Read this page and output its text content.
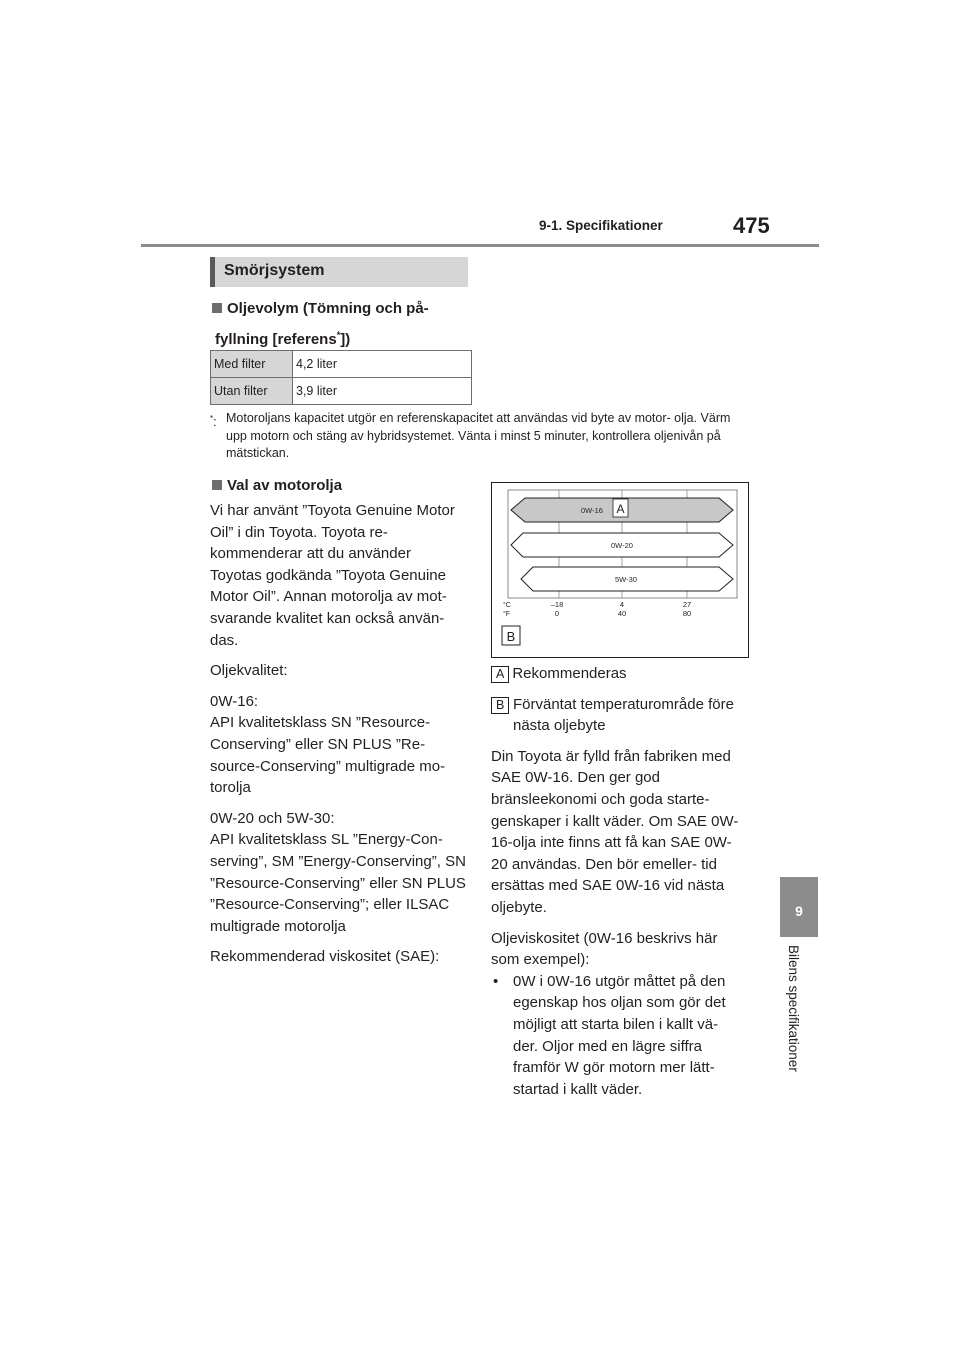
9-1. Specifikationer	475
9
Bilens specifikationer
Smörjsystem
Oljevolym (Tömning och på-
fyllning [referens*])
Med filter	4,2 liter
Utan filter	3,9 liter
*: Motoroljans kapacitet utgör en referenskapacitet att användas vid byte av motor- olja. Värm upp motorn och stäng av hybridsystemet. Vänta i minst 5 minuter, kontrollera oljenivån på mätstickan.
Val av motorolja

Vi har använt ”Toyota Genuine Motor Oil” i din Toyota. Toyota re- kommenderar att du använder Toyotas godkända ”Toyota Genuine Motor Oil”. Annan motorolja av mot- svarande kvalitet kan också använ- das.

Oljekvalitet:

0W-16:
API kvalitetsklass SN ”Resource- Conserving” eller SN PLUS ”Re- source-Conserving” multigrade mo- torolja

0W-20 och 5W-30:
API kvalitetsklass SL ”Energy-Con- serving”, SM ”Energy-Conserving”, SN ”Resource-Conserving” eller SN PLUS ”Resource-Conserving”; eller ILSAC multigrade motorolja

Rekommenderad viskositet (SAE):

0W-16 A
0W-20
5W-30
°C
°F
–18	4	27
0	40	80
B

A Rekommenderas

B Förväntat temperaturområde före nästa oljebyte

Din Toyota är fylld från fabriken med SAE 0W-16. Den ger god bränsleekonomi och goda starte- genskaper i kallt väder. Om SAE 0W-16-olja inte finns att få kan SAE 0W-20 användas. Den bör emeller- tid ersättas med SAE 0W-16 vid nästa oljebyte.

Oljeviskositet (0W-16 beskrivs här som exempel):

• 0W i 0W-16 utgör måttet på den egenskap hos oljan som gör det möjligt att starta bilen i kallt vä- der. Oljor med en lägre siffra framför W gör motorn mer lätt- startad i kallt väder.
